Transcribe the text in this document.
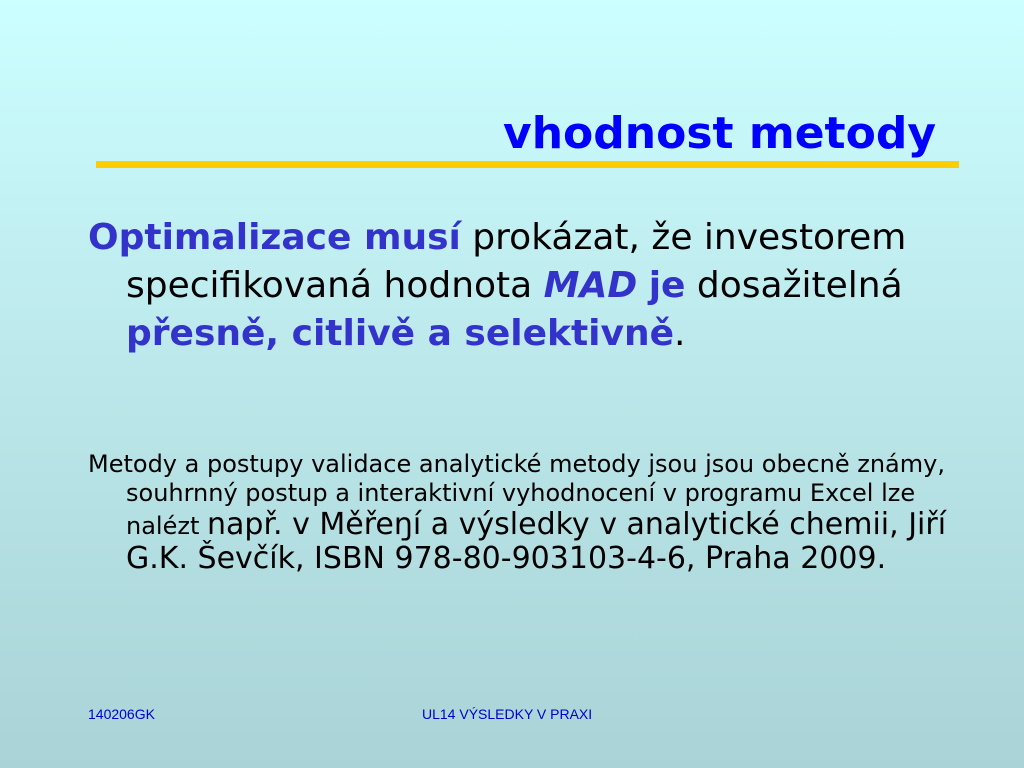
vhodnost metody

Optimalizace musí prokázat, že investorem specifikovaná hodnota MAD je dosažitelná přesně, citlivě a selektivně.

Metody a postupy validace analytické metody jsou jsou obecně známy, souhrnný postup a interaktivní vyhodnocení v programu Excel lze nalézt např. v Měřeŋí a výsledky v analytické chemii, Jiří G.K. Ševčík, ISBN 978-80-903103-4-6, Praha 2009.

140206GK	UL14 VÝSLEDKY V PRAXI
